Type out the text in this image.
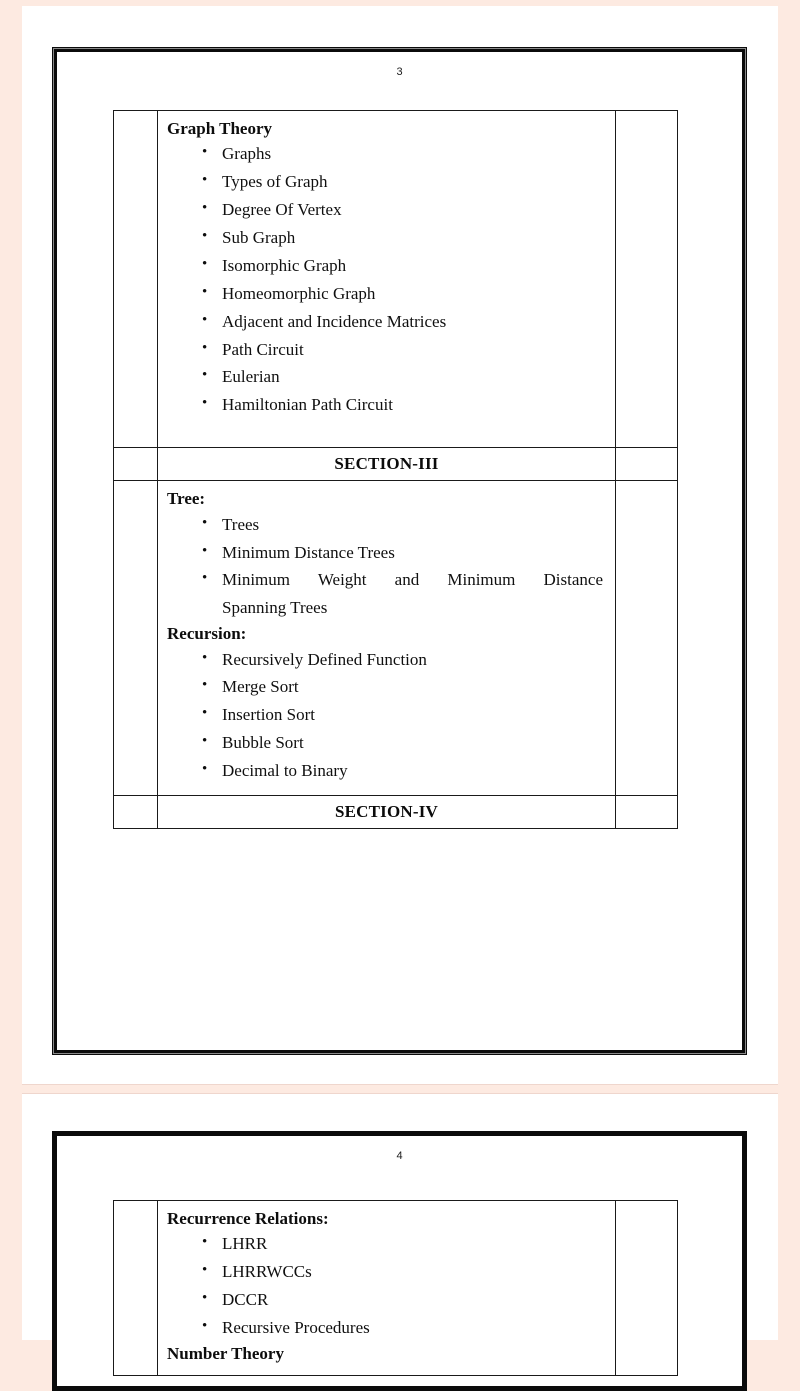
3

Graph Theory

• Graphs
• Types of Graph
• Degree Of Vertex
• Sub Graph
• Isomorphic Graph
• Homeomorphic Graph
• Adjacent and Incidence Matrices
• Path Circuit
• Eulerian
• Hamiltonian Path Circuit

	SECTION-III	

Tree:

• Trees
• Minimum Distance Trees
• Minimum Weight and Minimum Distance
Spanning Trees

Recursion:

• Recursively Defined Function
• Merge Sort
• Insertion Sort
• Bubble Sort
• Decimal to Binary

	SECTION-IV	
4

Recurrence Relations:

• LHRR
• LHRRWCCs
• DCCR
• Recursive Procedures

Number Theory
